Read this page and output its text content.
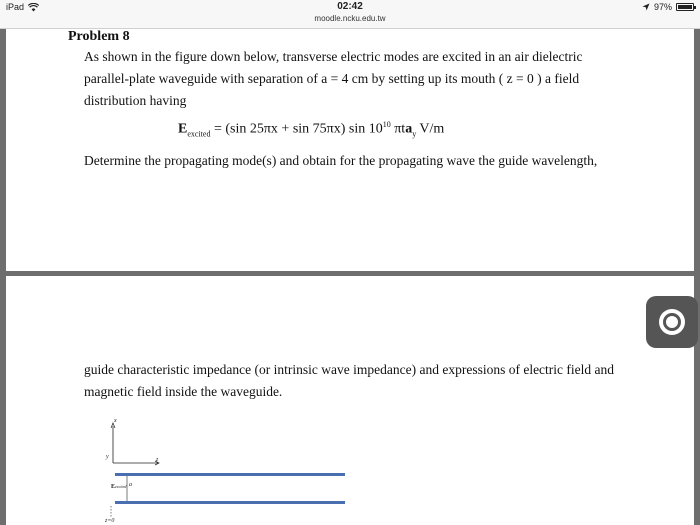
iPad	02:42
moodle.ncku.edu.tw
97%
Problem 8
As shown in the figure down below, transverse electric modes are excited in an air dielectric
parallel-plate waveguide with separation of a = 4 cm by setting up its mouth ( z = 0 ) a field
distribution having
$E_{excited} = (\sin$ 25πx + sin 75πx) $\sin 10^{10}$ πta$_y$ V/m
Determine the propagating mode(s) and obtain for the propagating wave the guide wavelength,
guide characteristic impedance (or intrinsic wave impedance) and expressions of electric field and
magnetic field inside the waveguide.
x
y	z
Eexcited a
z=0
